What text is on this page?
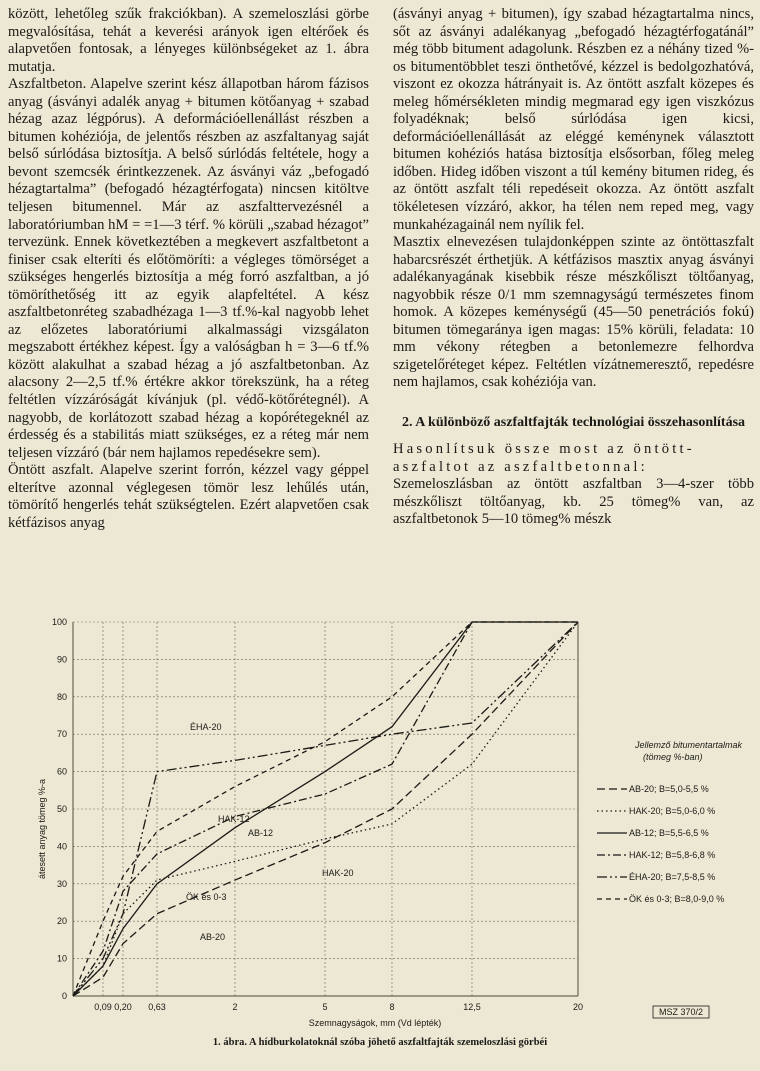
között, lehetőleg szűk frakciókban). A szemeloszlási görbe megvalósítása, tehát a keverési arányok igen eltérőek és alapvetően fontosak, a lényeges különbségeket az 1. ábra mutatja.

Aszfaltbeton. Alapelve szerint kész állapotban három fázisos anyag (ásványi adalék anyag + bitumen kötőanyag + szabad hézag azaz légpórus). A deformációellenállást részben a bitumen kohéziója, de jelentős részben az aszfaltanyag saját belső súrlódása biztosítja. A belső súrlódás feltétele, hogy a bevont szemcsék érintkezzenek. Az ásványi váz „befogadó hézagtartalma” (befogadó hézagtérfogata) nincsen kitöltve teljesen bitumennel. Már az aszfalttervezésnél a laboratóriumban hM = =1—3 térf. % körüli „szabad hézagot” tervezünk. Ennek következtében a megkevert aszfaltbetont a finiser csak elteríti és előtömöríti: a végleges tömörséget a szükséges hengerlés biztosítja a még forró aszfaltban, a jó tömöríthetőség itt az egyik alapfeltétel. A kész aszfaltbetonréteg szabadhézaga 1—3 tf.%-kal nagyobb lehet az előzetes laboratóriumi alkalmassági vizsgálaton megszabott értékhez képest. Így a valóságban h = 3—6 tf.% között alakulhat a szabad hézag a jó aszfaltbetonban. Az alacsony 2—2,5 tf.% értékre akkor törekszünk, ha a réteg feltétlen vízzáróságát kívánjuk (pl. védő-kötőrétegnél). A nagyobb, de korlátozott szabad hézag a kopórétegeknél az érdesség és a stabilitás miatt szükséges, ez a réteg már nem teljesen vízzáró (bár nem hajlamos repedésekre sem).

Öntött aszfalt. Alapelve szerint forrón, kézzel vagy géppel elterítve azonnal véglegesen tömör lesz lehűlés után, tömörítő hengerlés tehát szükségtelen. Ezért alapvetően csak kétfázisos anyag

(ásványi anyag + bitumen), így szabad hézagtartalma nincs, sőt az ásványi adalékanyag „befogadó hézagtérfogatánál” még több bitument adagolunk. Részben ez a néhány tized %-os bitumentöbblet teszi önthetővé, kézzel is bedolgozhatóvá, viszont ez okozza hátrányait is. Az öntött aszfalt közepes és meleg hőmérsékleten mindig megmarad egy igen viszkózus folyadéknak; belső súrlódása igen kicsi, deformációellenállását az eléggé keménynek választott bitumen kohéziós hatása biztosítja elsősorban, főleg meleg időben. Hideg időben viszont a túl kemény bitumen rideg, és az öntött aszfalt téli repedéseit okozza. Az öntött aszfalt tökéletesen vízzáró, akkor, ha télen nem reped meg, vagy munkahézagainál nem nyílik fel.

Masztix elnevezésen tulajdonképpen szinte az öntöttaszfalt habarcsrészét érthetjük. A kétfázisos masztix anyag ásványi adalékanyagának kisebbik része mészkőliszt töltőanyag, nagyobbik része 0/1 mm szemnagyságú természetes finom homok. A közepes keménységű (45—50 penetrációs fokú) bitumen tömegaránya igen magas: 15% körüli, feladata: 10 mm vékony rétegben a betonlemezre felhordva szigetelőréteget képez. Feltétlen vízátnemeresztő, repedésre nem hajlamos, csak kohéziója van.

2. A különböző aszfaltfajták technológiai összehasonlítása

Hasonlítsuk össze most az öntöttaszfaltot az aszfaltbetonnal:

Szemeloszlásban az öntött aszfaltban 3—4-szer több mészkőliszt töltőanyag, kb. 25 tömeg% van, az aszfaltbetonok 5—10 tömeg% mészk

0
10
20
30
40
50
60
70
80
90
100
0,09 0,20 0,63	2	5	8	12,5	20
átesett anyag tömeg %-a
Szemnagyságok, mm (Vd lépték)
MSZ 370/2
ÉHA-20
HAK-12
AB-12
HAK-20
ÖK és 0-3
AB-20
Jellemző bitumentartalmak
(tömeg %-ban)
AB-20; B=5,0-5,5 %
HAK-20; B=5,0-6,0 %
AB-12; B=5,5-6,5 %
HAK-12; B=5,8-6,8 %
ÉHA-20; B=7,5-8,5 %
ÖK és 0-3; B=8,0-9,0 %
1. ábra. A hídburkolatoknál szóba jöhető aszfaltfajták szemeloszlási görbéi
